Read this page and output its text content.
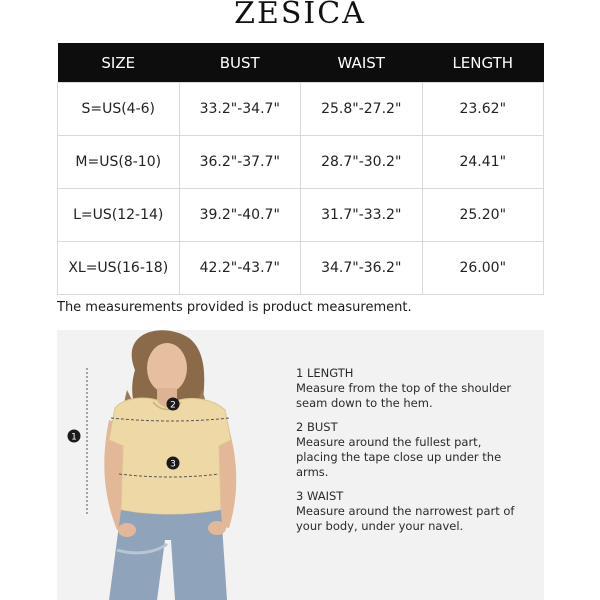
ZESICA
SIZE	BUST	WAIST	LENGTH
S=US(4-6)	33.2"-34.7"	25.8"-27.2"	23.62"
M=US(8-10)	36.2"-37.7"	28.7"-30.2"	24.41"
L=US(12-14)	39.2"-40.7"	31.7"-33.2"	25.20"
XL=US(16-18)	42.2"-43.7"	34.7"-36.2"	26.00"
The measurements provided is product measurement.
1
2
3
1 LENGTH
Measure from the top of the shoulder seam down to the hem.
2 BUST
Measure around the fullest part, placing the tape close up under the arms.
3 WAIST
Measure around the narrowest part of your body, under your navel.
